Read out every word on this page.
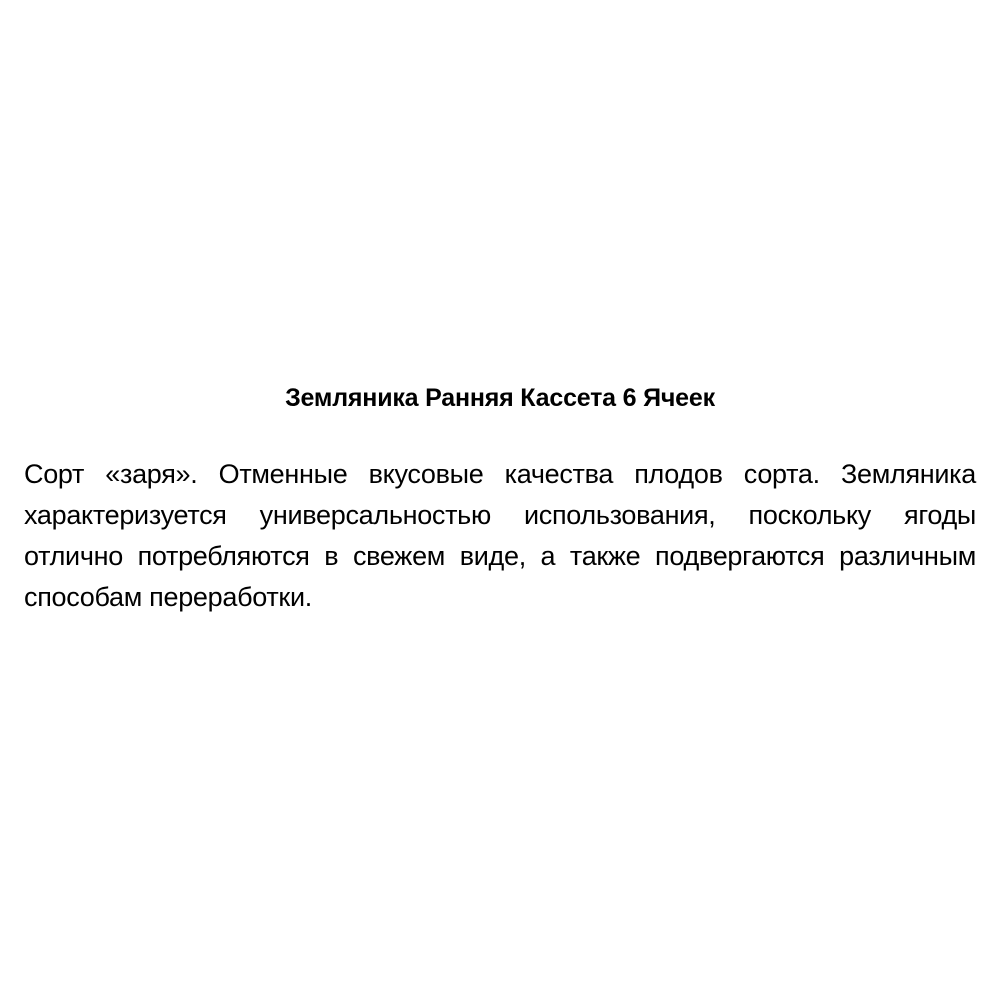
Земляника Ранняя Кассета 6 Ячеек

Сорт «заря». Отменные вкусовые качества плодов сорта. Земляника характеризуется универсальностью использования, поскольку ягоды отлично потребляются в свежем виде, а также подвергаются различным способам переработки.
